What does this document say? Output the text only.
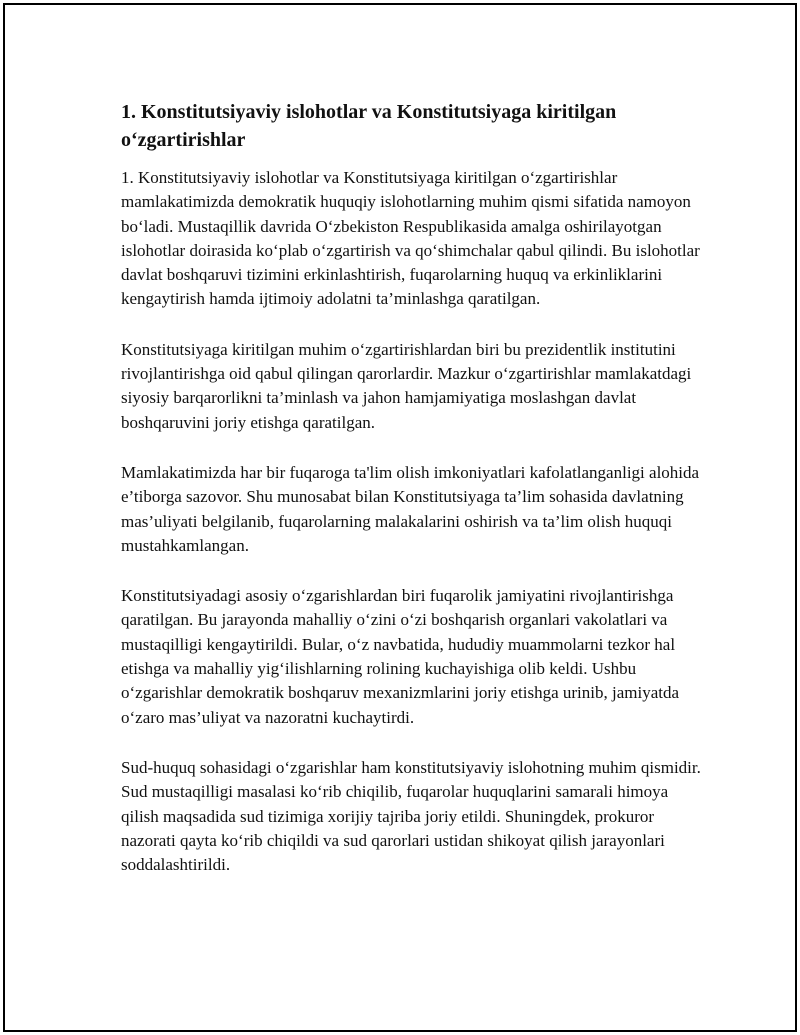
1. Konstitutsiyaviy islohotlar va Konstitutsiyaga kiritilgan o‘zgartirishlar

1. Konstitutsiyaviy islohotlar va Konstitutsiyaga kiritilgan o‘zgartirishlar mamlakatimizda demokratik huquqiy islohotlarning muhim qismi sifatida namoyon bo‘ladi. Mustaqillik davrida O‘zbekiston Respublikasida amalga oshirilayotgan islohotlar doirasida ko‘plab o‘zgartirish va qo‘shimchalar qabul qilindi. Bu islohotlar davlat boshqaruvi tizimini erkinlashtirish, fuqarolarning huquq va erkinliklarini kengaytirish hamda ijtimoiy adolatni ta’minlashga qaratilgan.

Konstitutsiyaga kiritilgan muhim o‘zgartirishlardan biri bu prezidentlik institutini rivojlantirishga oid qabul qilingan qarorlardir. Mazkur o‘zgartirishlar mamlakatdagi siyosiy barqarorlikni ta’minlash va jahon hamjamiyatiga moslashgan davlat boshqaruvini joriy etishga qaratilgan.

Mamlakatimizda har bir fuqaroga ta'lim olish imkoniyatlari kafolatlanganligi alohida e’tiborga sazovor. Shu munosabat bilan Konstitutsiyaga ta’lim sohasida davlatning mas’uliyati belgilanib, fuqarolarning malakalarini oshirish va ta’lim olish huquqi mustahkamlangan.

Konstitutsiyadagi asosiy o‘zgarishlardan biri fuqarolik jamiyatini rivojlantirishga qaratilgan. Bu jarayonda mahalliy o‘zini o‘zi boshqarish organlari vakolatlari va mustaqilligi kengaytirildi. Bular, o‘z navbatida, hududiy muammolarni tezkor hal etishga va mahalliy yig‘ilishlarning rolining kuchayishiga olib keldi. Ushbu o‘zgarishlar demokratik boshqaruv mexanizmlarini joriy etishga urinib, jamiyatda o‘zaro mas’uliyat va nazoratni kuchaytirdi.

Sud-huquq sohasidagi o‘zgarishlar ham konstitutsiyaviy islohotning muhim qismidir. Sud mustaqilligi masalasi ko‘rib chiqilib, fuqarolar huquqlarini samarali himoya qilish maqsadida sud tizimiga xorijiy tajriba joriy etildi. Shuningdek, prokuror nazorati qayta ko‘rib chiqildi va sud qarorlari ustidan shikoyat qilish jarayonlari soddalashtirildi.
